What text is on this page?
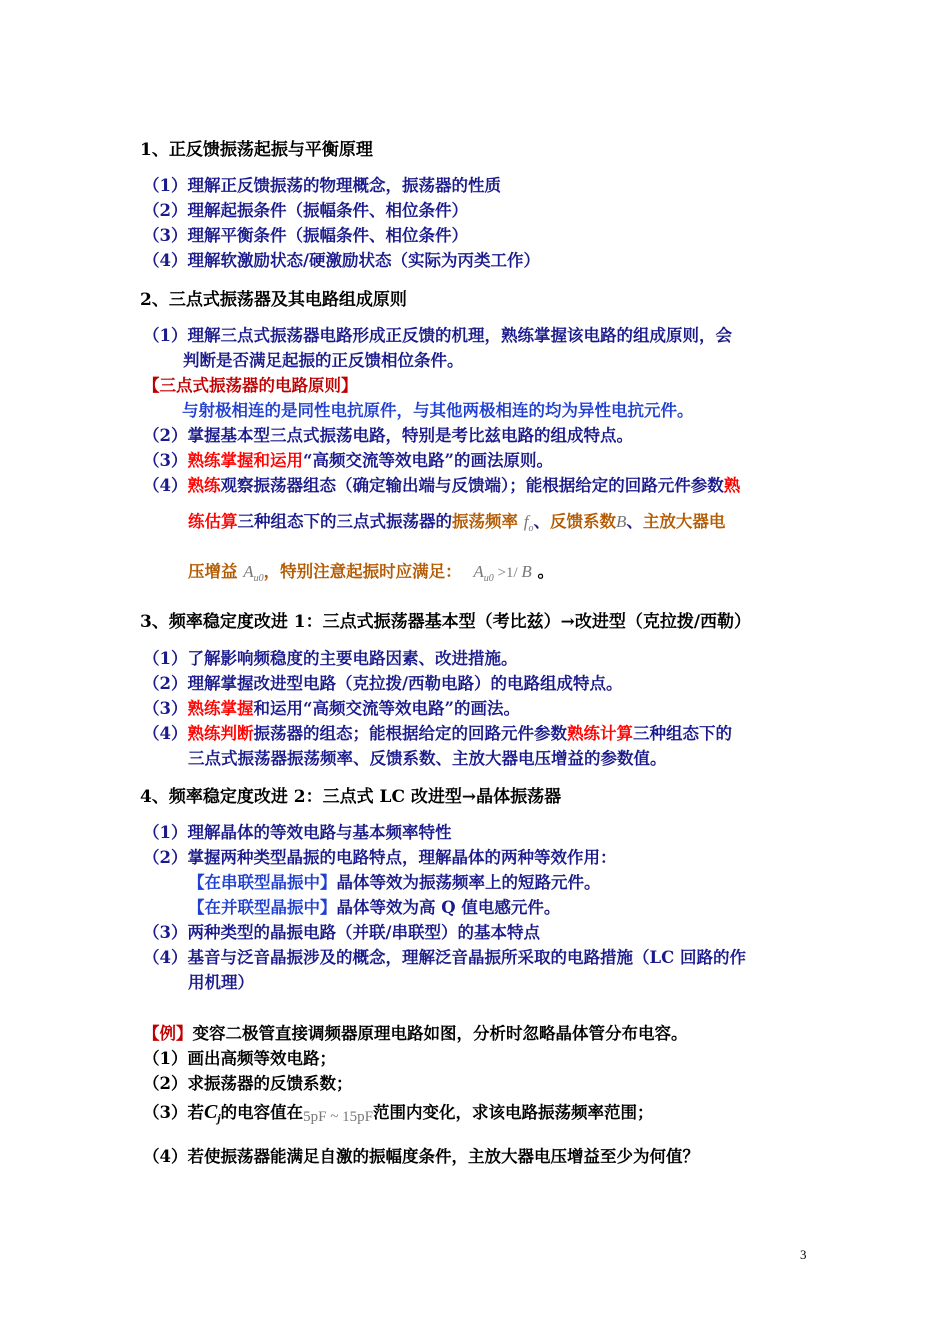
1、正反馈振荡起振与平衡原理
（1）理解正反馈振荡的物理概念，振荡器的性质
（2）理解起振条件（振幅条件、相位条件）
（3）理解平衡条件（振幅条件、相位条件）
（4）理解软激励状态/硬激励状态（实际为丙类工作）
2、三点式振荡器及其电路组成原则
（1）理解三点式振荡器电路形成正反馈的机理，熟练掌握该电路的组成原则，会
判断是否满足起振的正反馈相位条件。
【三点式振荡器的电路原则】
与射极相连的是同性电抗原件，与其他两极相连的均为异性电抗元件。
（2）掌握基本型三点式振荡电路，特别是考比兹电路的组成特点。
（3）熟练掌握和运用“高频交流等效电路”的画法原则。
（4）熟练观察振荡器组态（确定输出端与反馈端）；能根据给定的回路元件参数熟
练估算三种组态下的三点式振荡器的振荡频率 $f_o$、反馈系数B、主放大器电
压增益 $A_{u0}$，特别注意起振时应满足： $A_{u0} >1/$ B 。
3、频率稳定度改进 1：三点式振荡器基本型（考比兹）→改进型（克拉拨/西勒）
（1）了解影响频稳度的主要电路因素、改进措施。
（2）理解掌握改进型电路（克拉拨/西勒电路）的电路组成特点。
（3）熟练掌握和运用“高频交流等效电路”的画法。
（4）熟练判断振荡器的组态；能根据给定的回路元件参数熟练计算三种组态下的
三点式振荡器振荡频率、反馈系数、主放大器电压增益的参数值。
4、频率稳定度改进 2：三点式 LC 改进型→晶体振荡器
（1）理解晶体的等效电路与基本频率特性
（2）掌握两种类型晶振的电路特点，理解晶体的两种等效作用：
【在串联型晶振中】晶体等效为振荡频率上的短路元件。
【在并联型晶振中】晶体等效为高 Q 值电感元件。
（3）两种类型的晶振电路（并联/串联型）的基本特点
（4）基音与泛音晶振涉及的概念，理解泛音晶振所采取的电路措施（LC 回路的作
用机理）
【例】变容二极管直接调频器原理电路如图，分析时忽略晶体管分布电容。
（1）画出高频等效电路；
（2）求振荡器的反馈系数；
（3）若$C_j$的电容值在5pF ~ 15pF范围内变化，求该电路振荡频率范围；
（4）若使振荡器能满足自激的振幅度条件，主放大器电压增益至少为何值？
3
